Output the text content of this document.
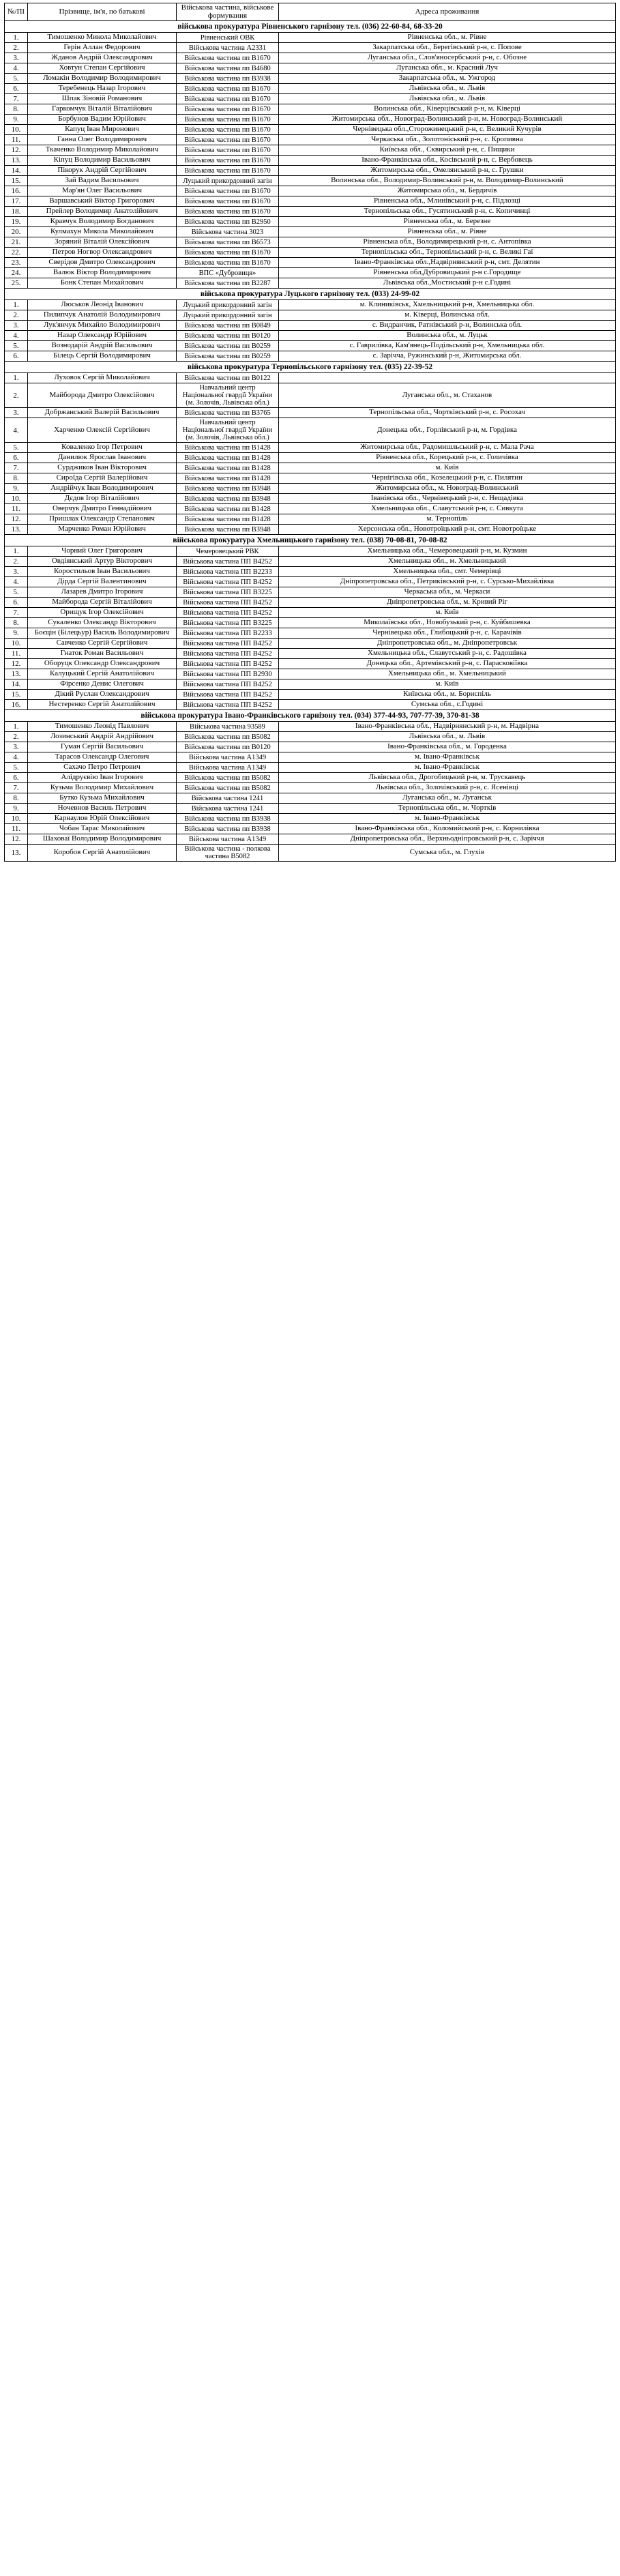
№/ПІ	Прізвище, ім'я, по батькові	Військова частина, військове формування	Адреса проживання
військова прокуратура Рівненського гарнізону тел. (036) 22-60-84, 68-33-20			
1.	Тимошенко Микола Миколайович	Рівненський ОВК	Рівненська обл., м. Рівне
2.	Герін Аллан Федорович	Військова частина А2331	Закарпатська обл., Берегівський р-н, с. Попове
3.	Жданов Андрій Олександрович	Військова частина пп В1670	Луганська обл., Слов'яносербський р-н, с. Обозне
4.	Ховтун Степан Сергійович	Військова частина пп В4680	Луганська обл., м. Красний Луч
5.	Ломакін Володимир Володимирович	Військова частина пп В3938	Закарпатська обл., м. Ужгород
6.	Теребенець Назар Ігорович	Військова частина пп В1670	Львівська обл., м. Львів
7.	Шпак Зіновій Романович	Військова частина пп В1670	Львівська обл., м. Львів
8.	Гаркомчук Віталій Віталійович	Військова частина пп В1670	Волинська обл., Ківерцівський р-н, м. Ківерці
9.	Борбунов Вадим Юрійович	Військова частина пп В1670	Житомирська обл., Новоград-Волинський р-н, м. Новоград-Волинський
10.	Капуц Іван Миронович	Військова частина пп В1670	Чернівецька обл.,Сторожинецький р-н, с. Великий Кучурів
11.	Ганна Олег Володимирович	Військова частина пп В1670	Черкаська обл., Золотоніський р-н, с. Кропивна
12.	Ткаченко Володимир Миколайович	Військова частина пп В1670	Київська обл., Сквирський р-н, с. Пищики
13.	Кіпуц Володимир Васильович	Військова частина пп В1670	Івано-Франківська обл., Косівський р-н, с. Вербовець
14.	Пікорук Андрій Сергійович	Військова частина пп В1670	Житомирська обл., Омелянський р-н, с. Грушки
15.	Зай Вадим Васильович	Луцький прикордонний загін	Волинська обл., Володимир-Волинський р-н, м. Володимир-Волинський
16.	Мар'ян Олег Васильович	Військова частина пп В1670	Житомирська обл., м. Бердичів
17.	Варшавський Віктор Григорович	Військова частина пп В1670	Рівненська обл., Млинівський р-н, с. Підлозці
18.	Прейлер Володимир Анатолійович	Військова частина пп В1670	Тернопільська обл., Гусятинський р-н, с. Копичинці
19.	Кравчук Володимир Богданович	Військова частина пп В2950	Рівненська обл., м. Березне
20.	Кулмахун Микола Миколайович	Військова частина 3023	Рівненська обл., м. Рівне
21.	Зоряний Віталій Олексійович	Військова частина пп В6573	Рівненська обл., Володимирецький р-н, с. Антопівка
22.	Петров Ногвор Олександрович	Військова частина пп В1670	Тернопільська обл., Тернопільський р-н, с. Великі Гаї
23.	Сверідов Дмитро Олександрович	Військова частина пп В1670	Івано-Франківська обл.,Надвірнянський р-н, смт. Делятин
24.	Валюк Віктор Володимирович	ВПС «Дубровиця»	Рівненська обл,Дубровицький р-н с.Городище
25.	Бонк Степан Михайлович	Військова частина пп В2287	Львівська обл.,Мостиський р-н с.Годині
військова прокуратура Луцького гарнізону тел. (033) 24-99-02			
1.	Люськов Леонід Іванович	Луцький прикордонний загін	м. Клиниківськ, Хмельницький р-н, Хмельницька обл.
2.	Пилипчук Анатолій Володимирович	Луцький прикордонний загін	м. Ківерці, Волинська обл.
3.	Лук'янчук Михайло Володимирович	Військова частина пп В0849	с. Видранчик, Ратнівський р-н, Волинська обл.
4.	Назар Олександр Юрійович	Військова частина пп В0120	Волинська обл., м. Луцьк
5.	Вознодарій Андрій Васильович	Військова частина пп В0259	с. Гаврилівка, Кам'янець-Подільський р-н, Хмельницька обл.
6.	Білець Сергій Володимирович	Військова частина пп В0259	с. Зарічча, Ружинський р-н, Житомирська обл.
військова прокуратура Тернопільського гарнізону тел. (035) 22-39-52			
1.	Луховок Сергій Миколайович	Військова частина пп В0122	
2.	Майборода Дмитро Олексійович	Навчальний центр Національної гвардії України (м. Золочів, Львівська обл.)	Луганська обл., м. Стаханов
3.	Добржанський Валерій Васильович	Військова частина пп В3765	Тернопільська обл., Чортківський р-н, с. Росохач
4.	Харченко Олексій Сергійович	Навчальний центр Національної гвардії України (м. Золочів, Львівська обл.)	Донецька обл., Горлівський р-н, м. Гордівка
5.	Коваленко Ігор Петрович	Військова частина пп В1428	Житомирська обл., Радомишльський р-н, с. Мала Рача
6.	Данилюк Ярослав Іванович	Військова частина пп В1428	Рівненська обл., Корецький р-н, с. Голичівка
7.	Сурджиков Іван Вікторович	Військова частина пп В1428	м. Київ
8.	Сироїда Сергій Валерійович	Військова частина пп В1428	Чернігівська обл., Козелецький р-н, с. Пилятин
9.	Андрійчук Іван Володимирович	Військова частина пп В3948	Житомирська обл., м. Новоград-Волинський
10.	Дєдов Ігор Віталійович	Військова частина пп В3948	Іванівська обл., Чернівецький р-н, с. Нещадівка
11.	Оверчук Дмитро Геннадійович	Військова частина пп В1428	Хмельницька обл., Славутський р-н, с. Сивкута
12.	Пришлак Олександр Степанович	Військова частина пп В1428	м. Тернопіль
13.	Марченко Роман Юрійович	Військова частина пп В3948	Херсонська обл., Новотроїцький р-н, смт. Новотроїцьке
військова прокуратура Хмельницького гарнізону тел. (038) 70-08-81, 70-08-82			
1.	Чорний Олег Григорович	Чемеровецький РВК	Хмельницька обл., Чемеровецький р-н, м. Кузмин
2.	Овдіянський Артур Вікторович	Військова частина ПП В4252	Хмельницька обл., м. Хмельницький
3.	Коростильов Іван Васильович	Військова частина ПП В2233	Хмельницька обл., смт. Чемерівці
4.	Дірда Сергій Валентинович	Військова частина ПП В4252	Дніпропетровська обл., Петриківський р-н, с. Сурсько-Михайлівка
5.	Лазарев Дмитро Ігорович	Військова частина ПП В3225	Черкаська обл., м. Черкаси
6.	Майборода Сергій Віталійович	Військова частина ПП В4252	Дніпропетровська обл., м. Кривий Ріг
7.	Орищук Ігор Олексійович	Військова частина ПП В4252	м. Київ
8.	Сукаленко Олександр Вікторович	Військова частина ПП В3225	Миколаївська обл., Новобузький р-н, с. Куйбишевка
9.	Боєцін (Білецьур) Василь Володимирович	Військова частина ПП В2233	Чернівецька обл., Глибоцький р-н, с. Карачівів
10.	Савченко Сергій Сергійович	Військова частина ПП В4252	Дніпропетровська обл., м. Дніпропетровськ
11.	Гнаток Роман Васильович	Військова частина ПП В4252	Хмельницька обл., Славутський р-н, с. Радошівка
12.	Оборуцк Олександр Олександрович	Військова частина ПП В4252	Донецька обл., Артемівський р-н, с. Парасковіївка
13.	Калуцький Сергій Анатолійович	Військова частина ПП В2930	Хмельницька обл., м. Хмельницький
14.	Фірсенко Денис Олегович	Військова частина ПП В4252	м. Київ
15.	Дікий Руслан Олександрович	Військова частина ПП В4252	Київська обл., м. Бориспіль
16.	Нестеренко Сергій Анатолійович	Військова частина ПП В4252	Сумська обл., с.Годині
військова прокуратура Івано-Франківського гарнізону тел. (034) 377-44-93, 707-77-39, 370-81-38			
1.	Тимошенко Леонід Павлович	Військова частина 93589	Івано-Франківська обл., Надвірнянський р-н, м. Надвірна
2.	Лозинський Андрій Андрійович	Військова частина пп В5082	Львівська обл., м. Львів
3.	Гуман Сергій Васильович	Військова частина пп В0120	Івано-Франківська обл., м. Городенка
4.	Тарасов Олександр Олегович	Військова частина А1349	м. Івано-Франківськ
5.	Сахачо Петро Петрович	Військова частина А1349	м. Івано-Франківськ
6.	Алідруєвію Іван Ігорович	Військова частина пп В5082	Львівська обл., Дрогобицький р-н, м. Трускавець
7.	Кузьма Володимир Михайлович	Військова частина пп В5082	Львівська обл., Золочівський р-н, с. Ясенівці
8.	Бутко Кузьма Михайлович	Військова частина 1241	Луганська обл., м. Луганськ
9.	Ночевнов Василь Петрович	Військова частина 1241	Тернопільська обл., м. Чортків
10.	Карнаулов Юрій Олексійович	Військова частина пп В3938	м. Івано-Франківськ
11.	Чобан Тарас Миколайович	Військова частина пп В3938	Івано-Франківська обл., Коломийський р-н, с. Корнилівка
12.	Шаховаї Володимир Володимирович	Військова частина А1349	Дніпропетровська обл., Верхньодніпровський р-н, с. Заріччя
13.	Коробов Сергій Анатолійович	Військова частина - полкова частина В5082	Сумська обл., м. Глухів
